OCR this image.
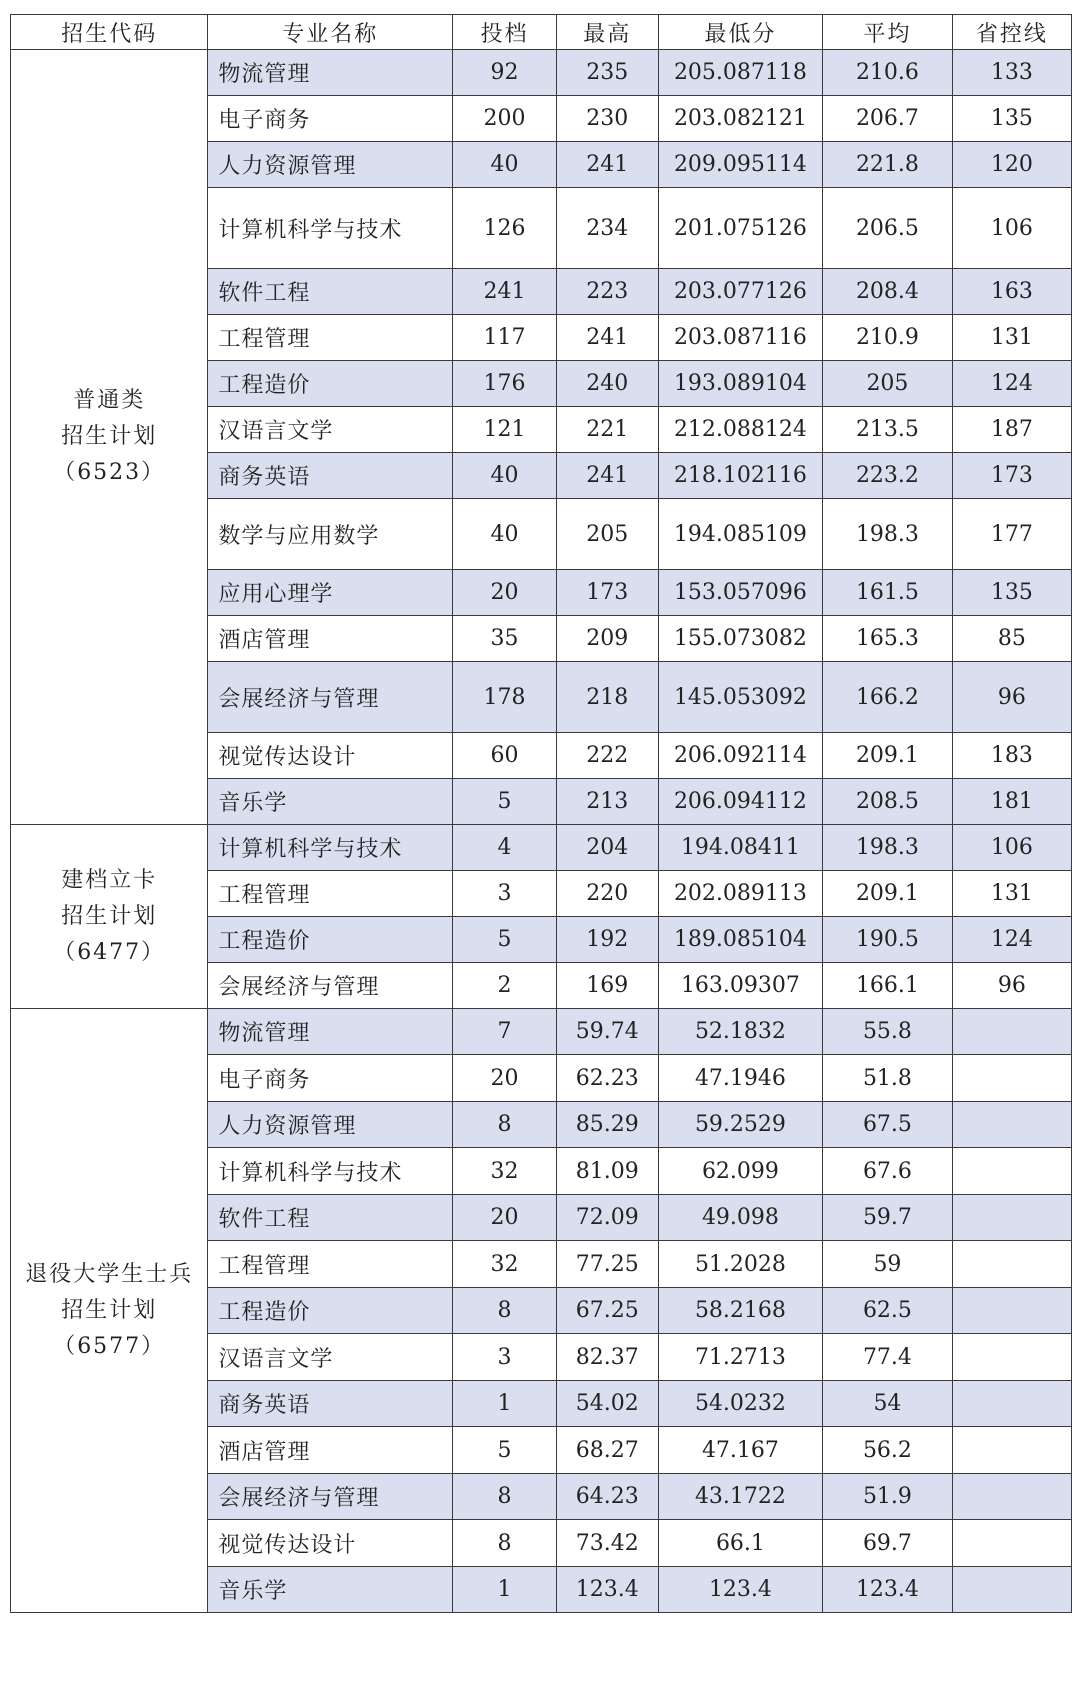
招生代码	专业名称	投档	最高	最低分	平均	省控线

普通类
招生计划
（6523）	物流管理	92	235	205.087118	210.6	133
	电子商务	200	230	203.082121	206.7	135
	人力资源管理	40	241	209.095114	221.8	120
	计算机科学与技术	126	234	201.075126	206.5	106
	软件工程	241	223	203.077126	208.4	163
	工程管理	117	241	203.087116	210.9	131
	工程造价	176	240	193.089104	205	124
	汉语言文学	121	221	212.088124	213.5	187
	商务英语	40	241	218.102116	223.2	173
	数学与应用数学	40	205	194.085109	198.3	177
	应用心理学	20	173	153.057096	161.5	135
	酒店管理	35	209	155.073082	165.3	85
	会展经济与管理	178	218	145.053092	166.2	96
	视觉传达设计	60	222	206.092114	209.1	183
	音乐学	5	213	206.094112	208.5	181

建档立卡
招生计划
（6477）	计算机科学与技术	4	204	194.08411	198.3	106
	工程管理	3	220	202.089113	209.1	131
	工程造价	5	192	189.085104	190.5	124
	会展经济与管理	2	169	163.09307	166.1	96

退役大学生士兵
招生计划
（6577）	物流管理	7	59.74	52.1832	55.8	
	电子商务	20	62.23	47.1946	51.8	
	人力资源管理	8	85.29	59.2529	67.5	
	计算机科学与技术	32	81.09	62.099	67.6	
	软件工程	20	72.09	49.098	59.7	
	工程管理	32	77.25	51.2028	59	
	工程造价	8	67.25	58.2168	62.5	
	汉语言文学	3	82.37	71.2713	77.4	
	商务英语	1	54.02	54.0232	54	
	酒店管理	5	68.27	47.167	56.2	
	会展经济与管理	8	64.23	43.1722	51.9	
	视觉传达设计	8	73.42	66.1	69.7	
	音乐学	1	123.4	123.4	123.4	
